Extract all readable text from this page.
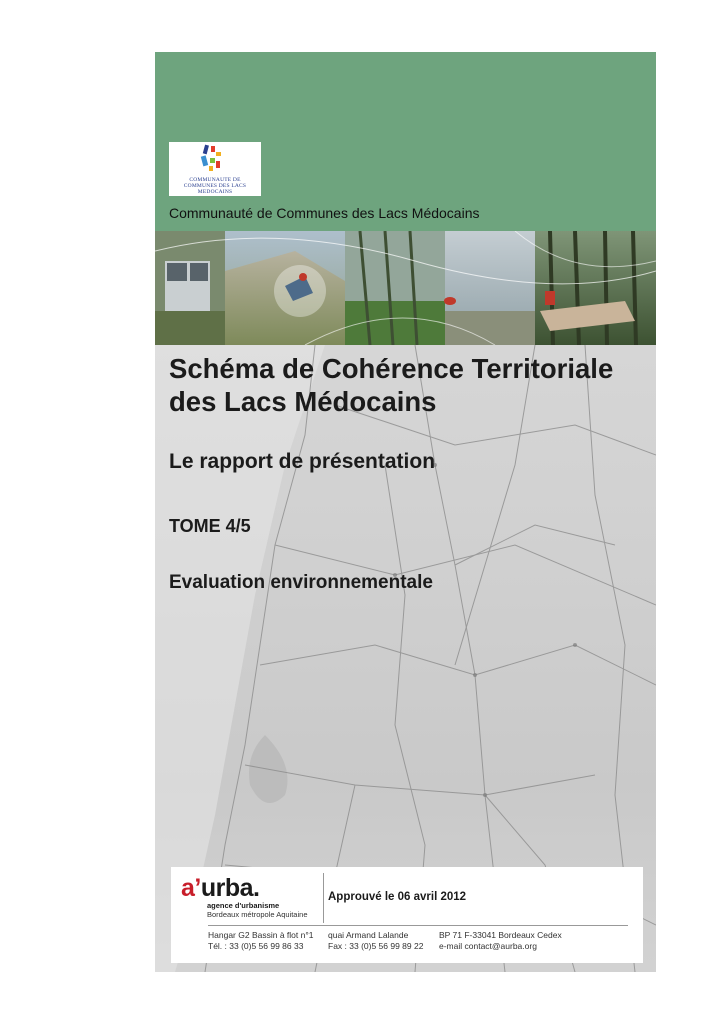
COMMUNAUTE DE COMMUNES DES LACS MEDOCAINS
Communauté de Communes des Lacs Médocains
Schéma de Cohérence Territoriale
des Lacs Médocains
Le rapport de présentation
TOME 4/5
Evaluation environnementale
a’urba.
agence d'urbanisme
Bordeaux métropole Aquitaine
Approuvé le 06 avril 2012
Hangar G2 Bassin à flot n°1
Tél. : 33 (0)5 56 99 86 33
quai Armand Lalande
Fax : 33 (0)5 56 99 89 22
BP 71 F-33041 Bordeaux Cedex
e-mail contact@aurba.org
